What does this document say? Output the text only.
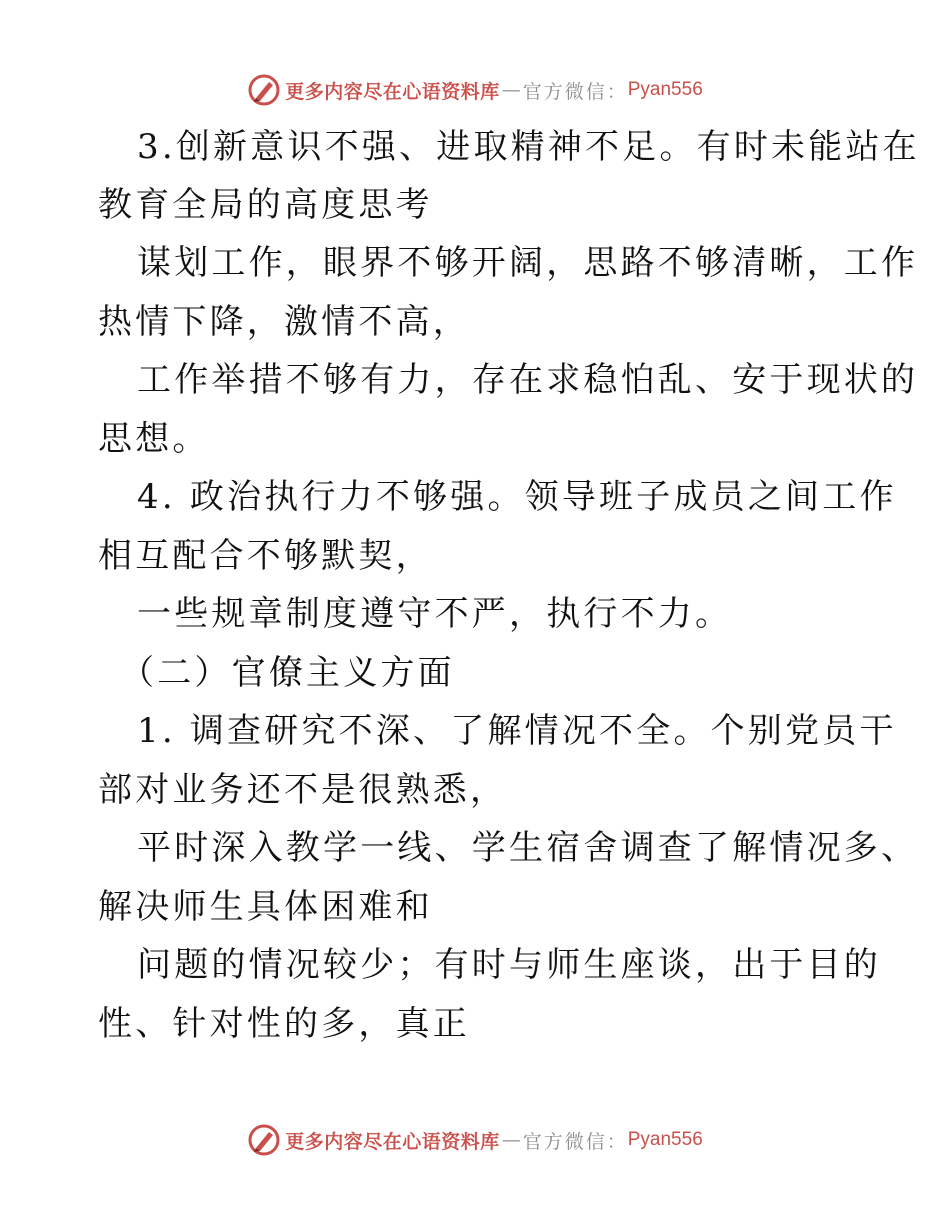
更多内容尽在心语资料库 — 官方微信： Pyan556
3.创新意识不强、进取精神不足。有时未能站在
教育全局的高度思考
谋划工作，眼界不够开阔，思路不够清晰，工作
热情下降，激情不高，
工作举措不够有力，存在求稳怕乱、安于现状的
思想。
4. 政治执行力不够强。领导班子成员之间工作
相互配合不够默契，
一些规章制度遵守不严，执行不力。
（二）官僚主义方面
1. 调查研究不深、了解情况不全。个别党员干
部对业务还不是很熟悉，
平时深入教学一线、学生宿舍调查了解情况多、
解决师生具体困难和
问题的情况较少；有时与师生座谈，出于目的
性、针对性的多，真正
更多内容尽在心语资料库 — 官方微信： Pyan556
